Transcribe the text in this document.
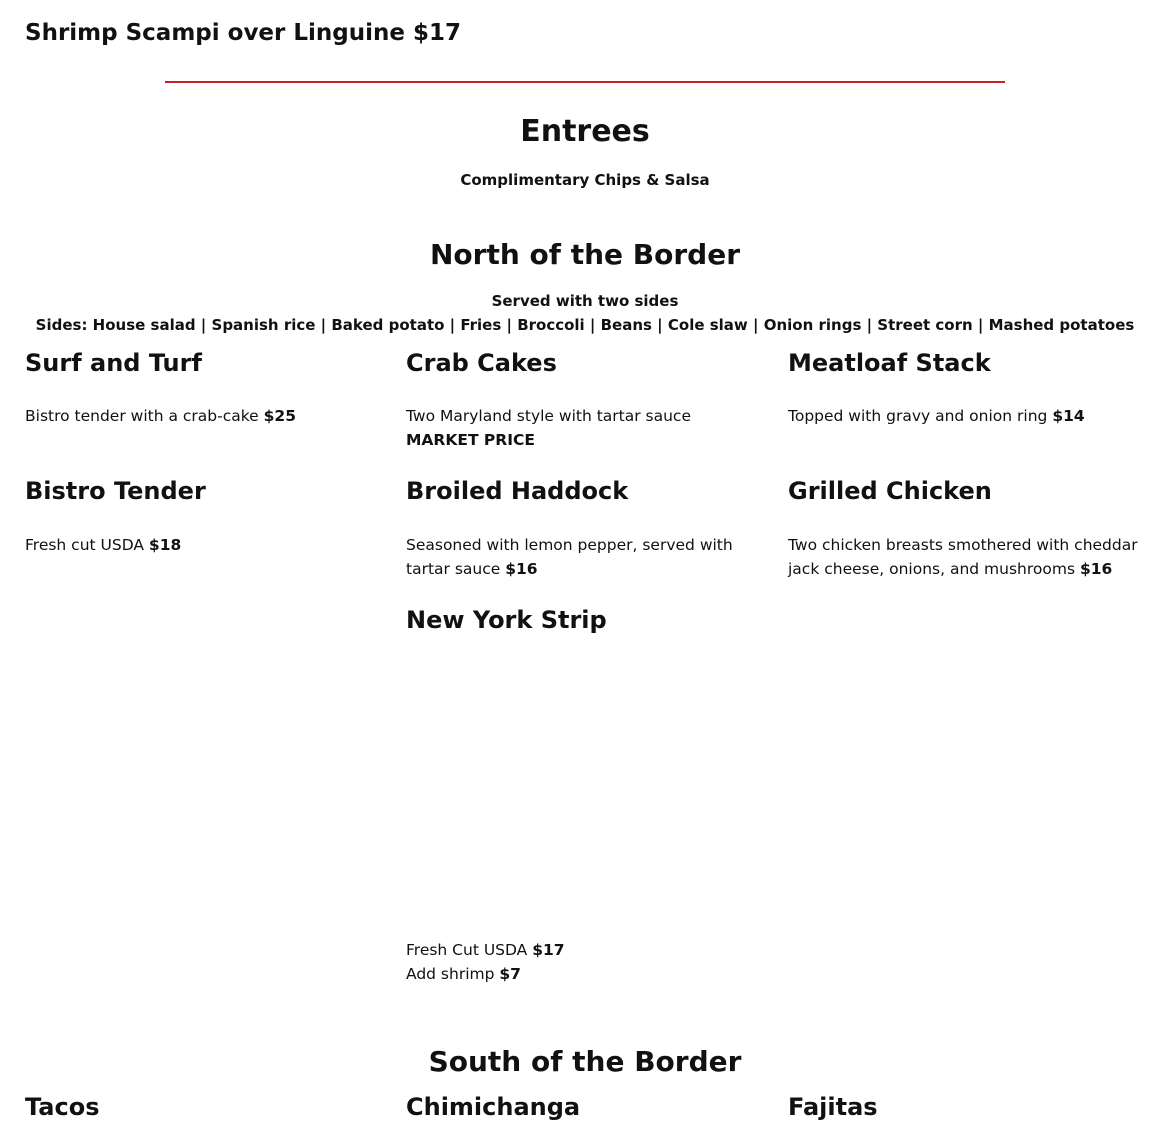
Shrimp Scampi over Linguine $17
Entrees
Complimentary Chips & Salsa
North of the Border
Served with two sides
Sides: House salad | Spanish rice | Baked potato | Fries | Broccoli | Beans | Cole slaw | Onion rings | Street corn | Mashed potatoes
Surf and Turf
Bistro tender with a crab-cake $25
Crab Cakes
Two Maryland style with tartar sauce MARKET PRICE
Meatloaf Stack
Topped with gravy and onion ring $14
Bistro Tender
Fresh cut USDA $18
Broiled Haddock
Seasoned with lemon pepper, served with tartar sauce $16
Grilled Chicken
Two chicken breasts smothered with cheddar jack cheese, onions, and mushrooms $16
New York Strip
Fresh Cut USDA $17
Add shrimp $7
South of the Border
Tacos	Chimichanga	Fajitas
